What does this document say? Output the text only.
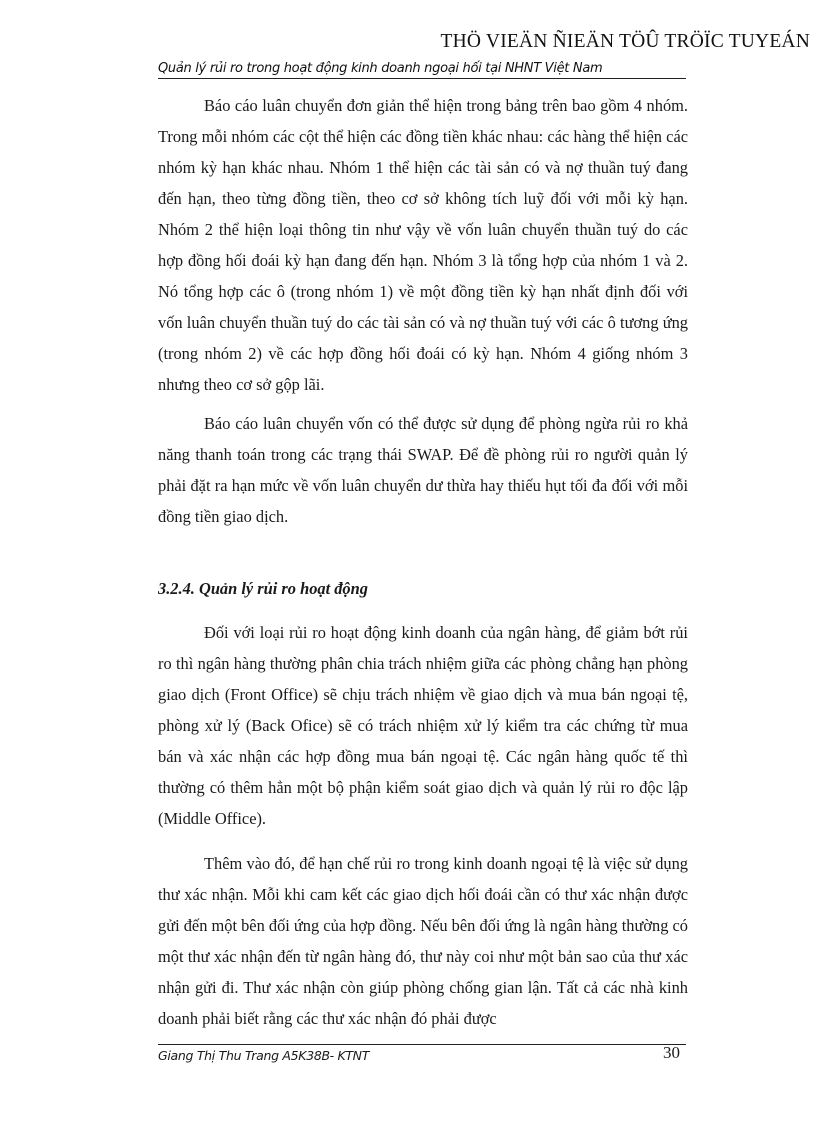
THÖ VIEÄN ÑIEÄN TÖÛ TRÖÏC TUYEÁN
Quản lý rủi ro trong hoạt động kinh doanh ngoại hối tại NHNT Việt Nam

Báo cáo luân chuyển đơn giản thể hiện trong bảng trên bao gồm 4 nhóm. Trong mỗi nhóm các cột thể hiện các đồng tiền khác nhau: các hàng thể hiện các nhóm kỳ hạn khác nhau. Nhóm 1 thể hiện các tài sản có và nợ thuần tuý đang đến hạn, theo từng đồng tiền, theo cơ sở không tích luỹ đối với mỗi kỳ hạn. Nhóm 2 thể hiện loại thông tin như vậy về vốn luân chuyển thuần tuý do các hợp đồng hối đoái kỳ hạn đang đến hạn. Nhóm 3 là tổng hợp của nhóm 1 và 2. Nó tổng hợp các ô (trong nhóm 1) về một đồng tiền kỳ hạn nhất định đối với vốn luân chuyển thuần tuý do các tài sản có và nợ thuần tuý với các ô tương ứng (trong nhóm 2) về các hợp đồng hối đoái có kỳ hạn. Nhóm 4 giống nhóm 3 nhưng theo cơ sở gộp lãi.

Báo cáo luân chuyển vốn có thể được sử dụng để phòng ngừa rủi ro khả năng thanh toán trong các trạng thái SWAP. Để đề phòng rủi ro người quản lý phải đặt ra hạn mức về vốn luân chuyển dư thừa hay thiếu hụt tối đa đối với mỗi đồng tiền giao dịch.

3.2.4. Quản lý rủi ro hoạt động

Đối với loại rủi ro hoạt động kinh doanh của ngân hàng, để giảm bớt rủi ro thì ngân hàng thường phân chia trách nhiệm giữa các phòng chẳng hạn phòng giao dịch (Front Office) sẽ chịu trách nhiệm về giao dịch và mua bán ngoại tệ, phòng xử lý (Back Ofice) sẽ có trách nhiệm xử lý kiểm tra các chứng từ mua bán và xác nhận các hợp đồng mua bán ngoại tệ. Các ngân hàng quốc tế thì thường có thêm hẳn một bộ phận kiểm soát giao dịch và quản lý rủi ro độc lập (Middle Office).

Thêm vào đó, để hạn chế rủi ro trong kinh doanh ngoại tệ là việc sử dụng thư xác nhận. Mỗi khi cam kết các giao dịch hối đoái cần có thư xác nhận được gửi đến một bên đối ứng của hợp đồng. Nếu bên đối ứng là ngân hàng thường có một thư xác nhận đến từ ngân hàng đó, thư này coi như một bản sao của thư xác nhận gửi đi. Thư xác nhận còn giúp phòng chống gian lận. Tất cả các nhà kinh doanh phải biết rằng các thư xác nhận đó phải được

Giang Thị Thu Trang A5K38B- KTNT	30
